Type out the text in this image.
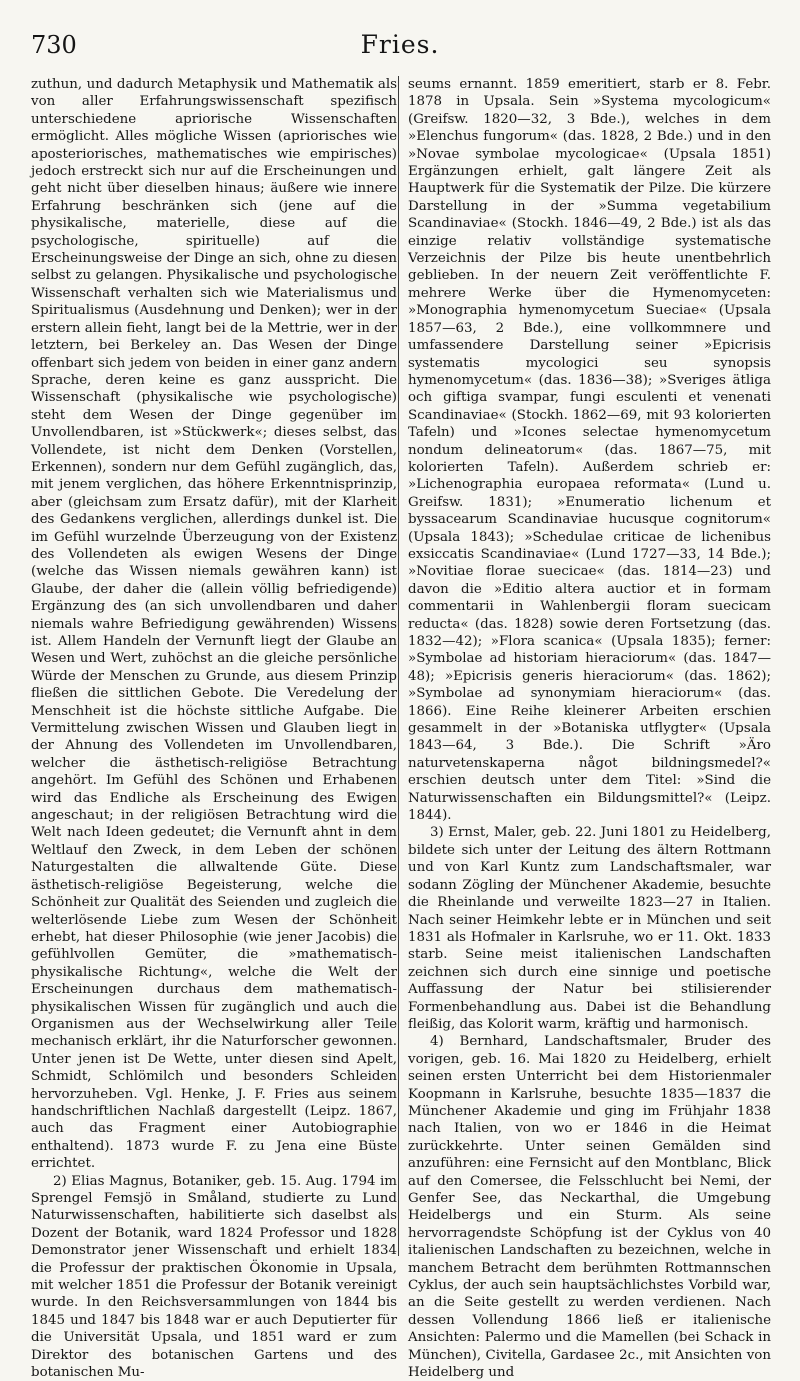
730	Fries.

zuthun, und dadurch Metaphysik und Mathematik als von aller Erfahrungswissenschaft spezifisch unterschiedene apriorische Wissenschaften ermöglicht. Alles mögliche Wissen (apriorisches wie aposteriorisches, mathematisches wie empirisches) jedoch erstreckt sich nur auf die Erscheinungen und geht nicht über dieselben hinaus; äußere wie innere Erfahrung beschränken sich (jene auf die physikalische, materielle, diese auf die psychologische, spirituelle) auf die Erscheinungsweise der Dinge an sich, ohne zu diesen selbst zu gelangen. Physikalische und psychologische Wissenschaft verhalten sich wie Materialismus und Spiritualismus (Ausdehnung und Denken); wer in der erstern allein fieht, langt bei de la Mettrie, wer in der letztern, bei Berkeley an. Das Wesen der Dinge offenbart sich jedem von beiden in einer ganz andern Sprache, deren keine es ganz ausspricht. Die Wissenschaft (physikalische wie psychologische) steht dem Wesen der Dinge gegenüber im Unvollendbaren, ist »Stückwerk«; dieses selbst, das Vollendete, ist nicht dem Denken (Vorstellen, Erkennen), sondern nur dem Gefühl zugänglich, das, mit jenem verglichen, das höhere Erkenntnisprinzip, aber (gleichsam zum Ersatz dafür), mit der Klarheit des Gedankens verglichen, allerdings dunkel ist. Die im Gefühl wurzelnde Überzeugung von der Existenz des Vollendeten als ewigen Wesens der Dinge (welche das Wissen niemals gewähren kann) ist Glaube, der daher die (allein völlig befriedigende) Ergänzung des (an sich unvollendbaren und daher niemals wahre Befriedigung gewährenden) Wissens ist. Allem Handeln der Vernunft liegt der Glaube an Wesen und Wert, zuhöchst an die gleiche persönliche Würde der Menschen zu Grunde, aus diesem Prinzip fließen die sittlichen Gebote. Die Veredelung der Menschheit ist die höchste sittliche Aufgabe. Die Vermittelung zwischen Wissen und Glauben liegt in der Ahnung des Vollendeten im Unvollendbaren, welcher die ästhetisch-religiöse Betrachtung angehört. Im Gefühl des Schönen und Erhabenen wird das Endliche als Erscheinung des Ewigen angeschaut; in der religiösen Betrachtung wird die Welt nach Ideen gedeutet; die Vernunft ahnt in dem Weltlauf den Zweck, in dem Leben der schönen Naturgestalten die allwaltende Güte. Diese ästhetisch-religiöse Begeisterung, welche die Schönheit zur Qualität des Seienden und zugleich die welterlösende Liebe zum Wesen der Schönheit erhebt, hat dieser Philosophie (wie jener Jacobis) die gefühlvollen Gemüter, die »mathematisch-physikalische Richtung«, welche die Welt der Erscheinungen durchaus dem mathematisch-physikalischen Wissen für zugänglich und auch die Organismen aus der Wechselwirkung aller Teile mechanisch erklärt, ihr die Naturforscher gewonnen. Unter jenen ist De Wette, unter diesen sind Apelt, Schmidt, Schlömilch und besonders Schleiden hervorzuheben. Vgl. Henke, J. F. Fries aus seinem handschriftlichen Nachlaß dargestellt (Leipz. 1867, auch das Fragment einer Autobiographie enthaltend). 1873 wurde F. zu Jena eine Büste errichtet.

2) Elias Magnus, Botaniker, geb. 15. Aug. 1794 im Sprengel Femsjö in Småland, studierte zu Lund Naturwissenschaften, habilitierte sich daselbst als Dozent der Botanik, ward 1824 Professor und 1828 Demonstrator jener Wissenschaft und erhielt 1834 die Professur der praktischen Ökonomie in Upsala, mit welcher 1851 die Professur der Botanik vereinigt wurde. In den Reichsversammlungen von 1844 bis 1845 und 1847 bis 1848 war er auch Deputierter für die Universität Upsala, und 1851 ward er zum Direktor des botanischen Gartens und des botanischen Mu-

seums ernannt. 1859 emeritiert, starb er 8. Febr. 1878 in Upsala. Sein »Systema mycologicum« (Greifsw. 1820—32, 3 Bde.), welches in dem »Elenchus fungorum« (das. 1828, 2 Bde.) und in den »Novae symbolae mycologicae« (Upsala 1851) Ergänzungen erhielt, galt längere Zeit als Hauptwerk für die Systematik der Pilze. Die kürzere Darstellung in der »Summa vegetabilium Scandinaviae« (Stockh. 1846—49, 2 Bde.) ist als das einzige relativ vollständige systematische Verzeichnis der Pilze bis heute unentbehrlich geblieben. In der neuern Zeit veröffentlichte F. mehrere Werke über die Hymenomyceten: »Monographia hymenomycetum Sueciae« (Upsala 1857—63, 2 Bde.), eine vollkommnere und umfassendere Darstellung seiner »Epicrisis systematis mycologici seu synopsis hymenomycetum« (das. 1836—38); »Sveriges ätliga och giftiga svampar, fungi esculenti et venenati Scandinaviae« (Stockh. 1862—69, mit 93 kolorierten Tafeln) und »Icones selectae hymenomycetum nondum delineatorum« (das. 1867—75, mit kolorierten Tafeln). Außerdem schrieb er: »Lichenographia europaea reformata« (Lund u. Greifsw. 1831); »Enumeratio lichenum et byssacearum Scandinaviae hucusque cognitorum« (Upsala 1843); »Schedulae criticae de lichenibus exsiccatis Scandinaviae« (Lund 1727—33, 14 Bde.); »Novitiae florae suecicae« (das. 1814—23) und davon die »Editio altera auctior et in formam commentarii in Wahlenbergii floram suecicam reducta« (das. 1828) sowie deren Fortsetzung (das. 1832—42); »Flora scanica« (Upsala 1835); ferner: »Symbolae ad historiam hieraciorum« (das. 1847—48); »Epicrisis generis hieraciorum« (das. 1862); »Symbolae ad synonymiam hieraciorum« (das. 1866). Eine Reihe kleinerer Arbeiten erschien gesammelt in der »Botaniska utflygter« (Upsala 1843—64, 3 Bde.). Die Schrift »Äro naturvetenskaperna något bildningsmedel?« erschien deutsch unter dem Titel: »Sind die Naturwissenschaften ein Bildungsmittel?« (Leipz. 1844).

3) Ernst, Maler, geb. 22. Juni 1801 zu Heidelberg, bildete sich unter der Leitung des ältern Rottmann und von Karl Kuntz zum Landschaftsmaler, war sodann Zögling der Münchener Akademie, besuchte die Rheinlande und verweilte 1823—27 in Italien. Nach seiner Heimkehr lebte er in München und seit 1831 als Hofmaler in Karlsruhe, wo er 11. Okt. 1833 starb. Seine meist italienischen Landschaften zeichnen sich durch eine sinnige und poetische Auffassung der Natur bei stilisierender Formenbehandlung aus. Dabei ist die Behandlung fleißig, das Kolorit warm, kräftig und harmonisch.

4) Bernhard, Landschaftsmaler, Bruder des vorigen, geb. 16. Mai 1820 zu Heidelberg, erhielt seinen ersten Unterricht bei dem Historienmaler Koopmann in Karlsruhe, besuchte 1835—1837 die Münchener Akademie und ging im Frühjahr 1838 nach Italien, von wo er 1846 in die Heimat zurückkehrte. Unter seinen Gemälden sind anzuführen: eine Fernsicht auf den Montblanc, Blick auf den Comersee, die Felsschlucht bei Nemi, der Genfer See, das Neckarthal, die Umgebung Heidelbergs und ein Sturm. Als seine hervorragendste Schöpfung ist der Cyklus von 40 italienischen Landschaften zu bezeichnen, welche in manchem Betracht dem berühmten Rottmannschen Cyklus, der auch sein hauptsächlichstes Vorbild war, an die Seite gestellt zu werden verdienen. Nach dessen Vollendung 1866 ließ er italienische Ansichten: Palermo und die Mamellen (bei Schack in München), Civitella, Gardasee 2c., mit Ansichten von Heidelberg und
